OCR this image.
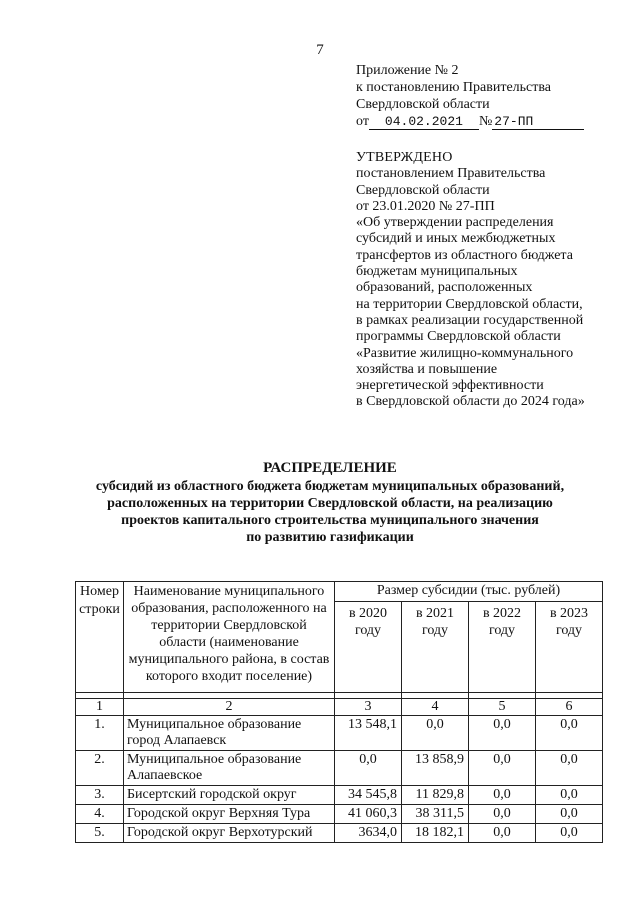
7
Приложение № 2
к постановлению Правительства
Свердловской области
от 04.02.2021 № 27-ПП
УТВЕРЖДЕНО
постановлением Правительства
Свердловской области
от 23.01.2020 № 27-ПП
«Об утверждении распределения
субсидий и иных межбюджетных
трансфертов из областного бюджета
бюджетам муниципальных
образований, расположенных
на территории Свердловской области,
в рамках реализации государственной
программы Свердловской области
«Развитие жилищно-коммунального
хозяйства и повышение
энергетической эффективности
в Свердловской области до 2024 года»
РАСПРЕДЕЛЕНИЕ
субсидий из областного бюджета бюджетам муниципальных образований,
расположенных на территории Свердловской области, на реализацию
проектов капитального строительства муниципального значения
по развитию газификации
Номер строки	Наименование муниципального образования, расположенного на территории Свердловской области (наименование муниципального района, в состав которого входит поселение)	Размер субсидии (тыс. рублей)			
		в 2020 году	в 2021 году	в 2022 году	в 2023 году

1	2	3	4	5	6
1.	Муниципальное образование город Алапаевск	13 548,1	0,0	0,0	0,0
2.	Муниципальное образование Алапаевское	0,0	13 858,9	0,0	0,0
3.	Бисертский городской округ	34 545,8	11 829,8	0,0	0,0
4.	Городской округ Верхняя Тура	41 060,3	38 311,5	0,0	0,0
5.	Городской округ Верхотурский	3634,0	18 182,1	0,0	0,0
